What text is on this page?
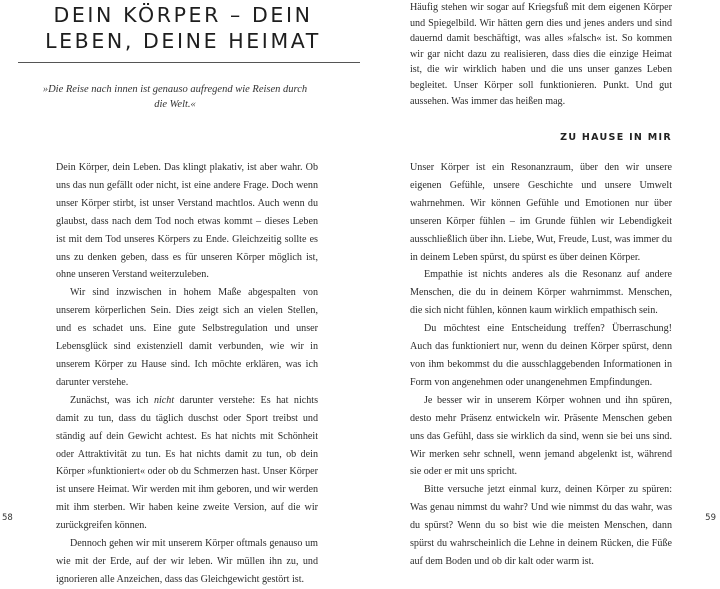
DEIN KÖRPER – DEIN LEBEN, DEINE HEIMAT
»Die Reise nach innen ist genauso aufregend wie Reisen durch die Welt.«

Dein Körper, dein Leben. Das klingt plakativ, ist aber wahr. Ob uns das nun gefällt oder nicht, ist eine andere Frage. Doch wenn unser Körper stirbt, ist unser Verstand machtlos. Auch wenn du glaubst, dass nach dem Tod noch etwas kommt – dieses Leben ist mit dem Tod unseres Körpers zu Ende. Gleichzeitig sollte es uns zu denken geben, dass es für unseren Körper möglich ist, ohne unseren Verstand weiterzuleben.

Wir sind inzwischen in hohem Maße abgespalten von unserem körperlichen Sein. Dies zeigt sich an vielen Stellen, und es schadet uns. Eine gute Selbstregulation und unser Lebensglück sind existenziell damit verbunden, wie wir in unserem Körper zu Hause sind. Ich möchte erklären, was ich darunter verstehe.

Zunächst, was ich nicht darunter verstehe: Es hat nichts damit zu tun, dass du täglich duschst oder Sport treibst und ständig auf dein Gewicht achtest. Es hat nichts mit Schönheit oder Attraktivität zu tun. Es hat nichts damit zu tun, ob dein Körper »funktioniert« oder ob du Schmerzen hast. Unser Körper ist unsere Heimat. Wir werden mit ihm geboren, und wir werden mit ihm sterben. Wir haben keine zweite Version, auf die wir zurückgreifen können.

Dennoch gehen wir mit unserem Körper oftmals genauso um wie mit der Erde, auf der wir leben. Wir müllen ihn zu, und ignorieren alle Anzeichen, dass das Gleichgewicht gestört ist.

58

Häufig stehen wir sogar auf Kriegsfuß mit dem eigenen Körper und Spiegelbild. Wir hätten gern dies und jenes anders und sind dauernd damit beschäftigt, was alles »falsch« ist. So kommen wir gar nicht dazu zu realisieren, dass dies die einzige Heimat ist, die wir wirklich haben und die uns unser ganzes Leben begleitet. Unser Körper soll funktionieren. Punkt. Und gut aussehen. Was immer das heißen mag.

ZU HAUSE IN MIR

Unser Körper ist ein Resonanzraum, über den wir unsere eigenen Gefühle, unsere Geschichte und unsere Umwelt wahrnehmen. Wir können Gefühle und Emotionen nur über unseren Körper fühlen – im Grunde fühlen wir Lebendigkeit ausschließlich über ihn. Liebe, Wut, Freude, Lust, was immer du in deinem Leben spürst, du spürst es über deinen Körper.

Empathie ist nichts anderes als die Resonanz auf andere Menschen, die du in deinem Körper wahrnimmst. Menschen, die sich nicht fühlen, können kaum wirklich empathisch sein.

Du möchtest eine Entscheidung treffen? Überraschung! Auch das funktioniert nur, wenn du deinen Körper spürst, denn von ihm bekommst du die ausschlaggebenden Informationen in Form von angenehmen oder unangenehmen Empfindungen.

Je besser wir in unserem Körper wohnen und ihn spüren, desto mehr Präsenz entwickeln wir. Präsente Menschen geben uns das Gefühl, dass sie wirklich da sind, wenn sie bei uns sind. Wir merken sehr schnell, wenn jemand abgelenkt ist, während sie oder er mit uns spricht.

Bitte versuche jetzt einmal kurz, deinen Körper zu spüren: Was genau nimmst du wahr? Und wie nimmst du das wahr, was du spürst? Wenn du so bist wie die meisten Menschen, dann spürst du wahrscheinlich die Lehne in deinem Rücken, die Füße auf dem Boden und ob dir kalt oder warm ist.

59
